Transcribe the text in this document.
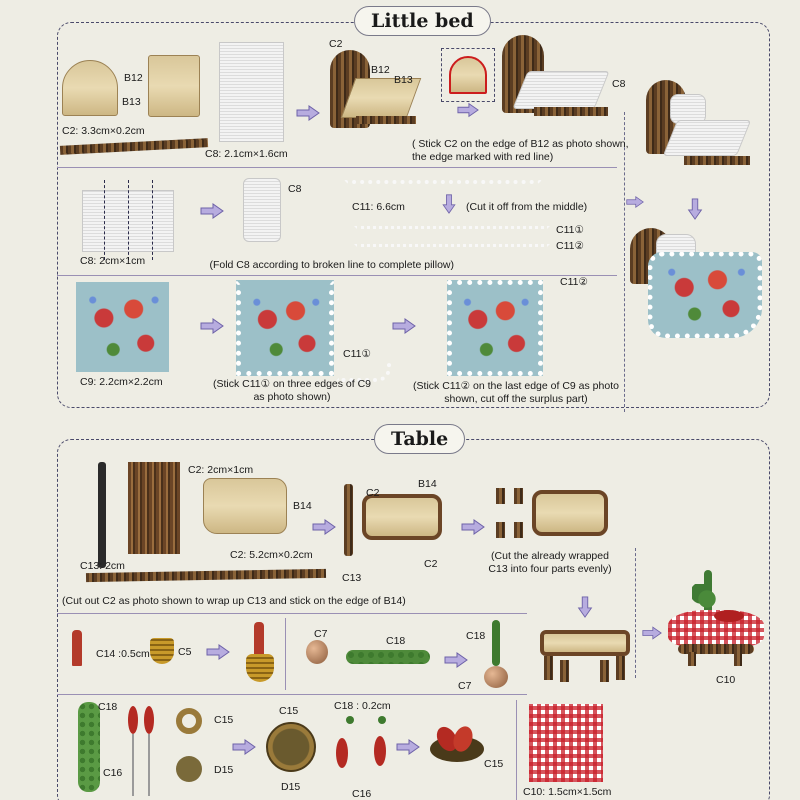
Little bed
B12
B13
C2: 3.3cm×0.2cm
C8: 2.1cm×1.6cm
C2
B12
B13	C8
( Stick C2 on the edge of B12 as photo shown, the edge marked with red line)
C8: 2cm×1cm
C8
C11: 6.6cm	(Cut it off from the middle)
C11①
C11②
(Fold C8 according to broken line to complete pillow)
C9: 2.2cm×2.2cm
C11①
(Stick C11① on three edges of C9 as photo shown)
C11②
(Stick C11② on the last edge of C9 as photo shown, cut off the surplus part)
Table
C2: 2cm×1cm
B14
C13: 2cm
C2: 5.2cm×0.2cm
C2
B14
C13
C2
(Cut the already wrapped C13 into four parts evenly)
(Cut out C2 as photo shown to wrap up C13 and stick on the edge of B14)
C10
C14 :0.5cm	C5
C7
C18	C18
C7
C18
C16
C15
D15
C15
D15
C18 : 0.2cm
C16
C15
C10: 1.5cm×1.5cm
